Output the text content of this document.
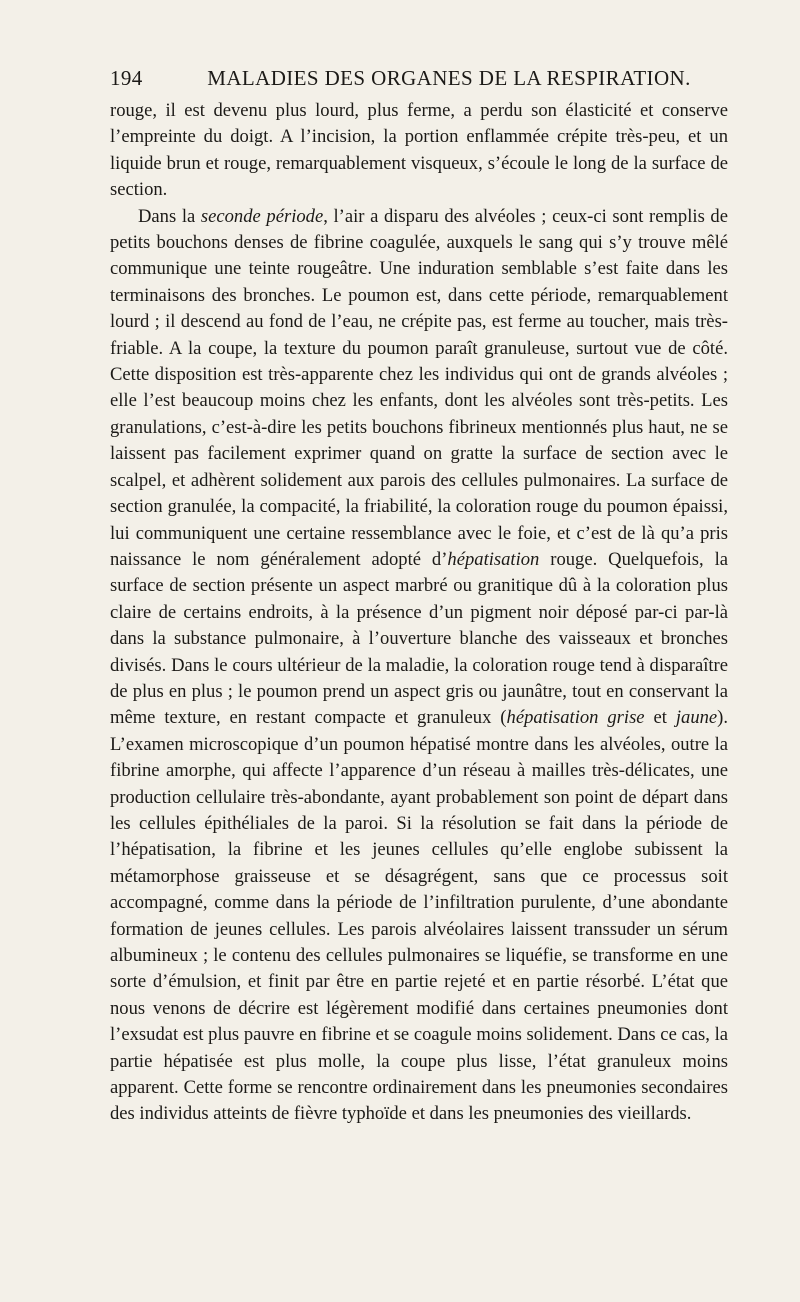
194	MALADIES DES ORGANES DE LA RESPIRATION.

rouge, il est devenu plus lourd, plus ferme, a perdu son élasticité et conserve l’empreinte du doigt. A l’incision, la portion enflammée crépite très-peu, et un liquide brun et rouge, remarquablement visqueux, s’écoule le long de la surface de section.

Dans la seconde période, l’air a disparu des alvéoles ; ceux-ci sont remplis de petits bouchons denses de fibrine coagulée, auxquels le sang qui s’y trouve mêlé communique une teinte rougeâtre. Une induration semblable s’est faite dans les terminaisons des bronches. Le poumon est, dans cette période, remarquablement lourd ; il descend au fond de l’eau, ne crépite pas, est ferme au toucher, mais très-friable. A la coupe, la texture du poumon paraît granuleuse, surtout vue de côté. Cette disposition est très-apparente chez les individus qui ont de grands alvéoles ; elle l’est beaucoup moins chez les enfants, dont les alvéoles sont très-petits. Les granulations, c’est-à-dire les petits bouchons fibrineux mentionnés plus haut, ne se laissent pas facilement exprimer quand on gratte la surface de section avec le scalpel, et adhèrent solidement aux parois des cellules pulmonaires. La surface de section granulée, la compacité, la friabilité, la coloration rouge du poumon épaissi, lui communiquent une certaine ressemblance avec le foie, et c’est de là qu’a pris naissance le nom généralement adopté d’hépatisation rouge. Quelquefois, la surface de section présente un aspect marbré ou granitique dû à la coloration plus claire de certains endroits, à la présence d’un pigment noir déposé par-ci par-là dans la substance pulmonaire, à l’ouverture blanche des vaisseaux et bronches divisés. Dans le cours ultérieur de la maladie, la coloration rouge tend à disparaître de plus en plus ; le poumon prend un aspect gris ou jaunâtre, tout en conservant la même texture, en restant compacte et granuleux (hépatisation grise et jaune). L’examen microscopique d’un poumon hépatisé montre dans les alvéoles, outre la fibrine amorphe, qui affecte l’apparence d’un réseau à mailles très-délicates, une production cellulaire très-abondante, ayant probablement son point de départ dans les cellules épithéliales de la paroi. Si la résolution se fait dans la période de l’hépatisation, la fibrine et les jeunes cellules qu’elle englobe subissent la métamorphose graisseuse et se désagrégent, sans que ce processus soit accompagné, comme dans la période de l’infiltration purulente, d’une abondante formation de jeunes cellules. Les parois alvéolaires laissent transsuder un sérum albumineux ; le contenu des cellules pulmonaires se liquéfie, se transforme en une sorte d’émulsion, et finit par être en partie rejeté et en partie résorbé. L’état que nous venons de décrire est légèrement modifié dans certaines pneumonies dont l’exsudat est plus pauvre en fibrine et se coagule moins solidement. Dans ce cas, la partie hépatisée est plus molle, la coupe plus lisse, l’état granuleux moins apparent. Cette forme se rencontre ordinairement dans les pneumonies secondaires des individus atteints de fièvre typhoïde et dans les pneumonies des vieillards.
